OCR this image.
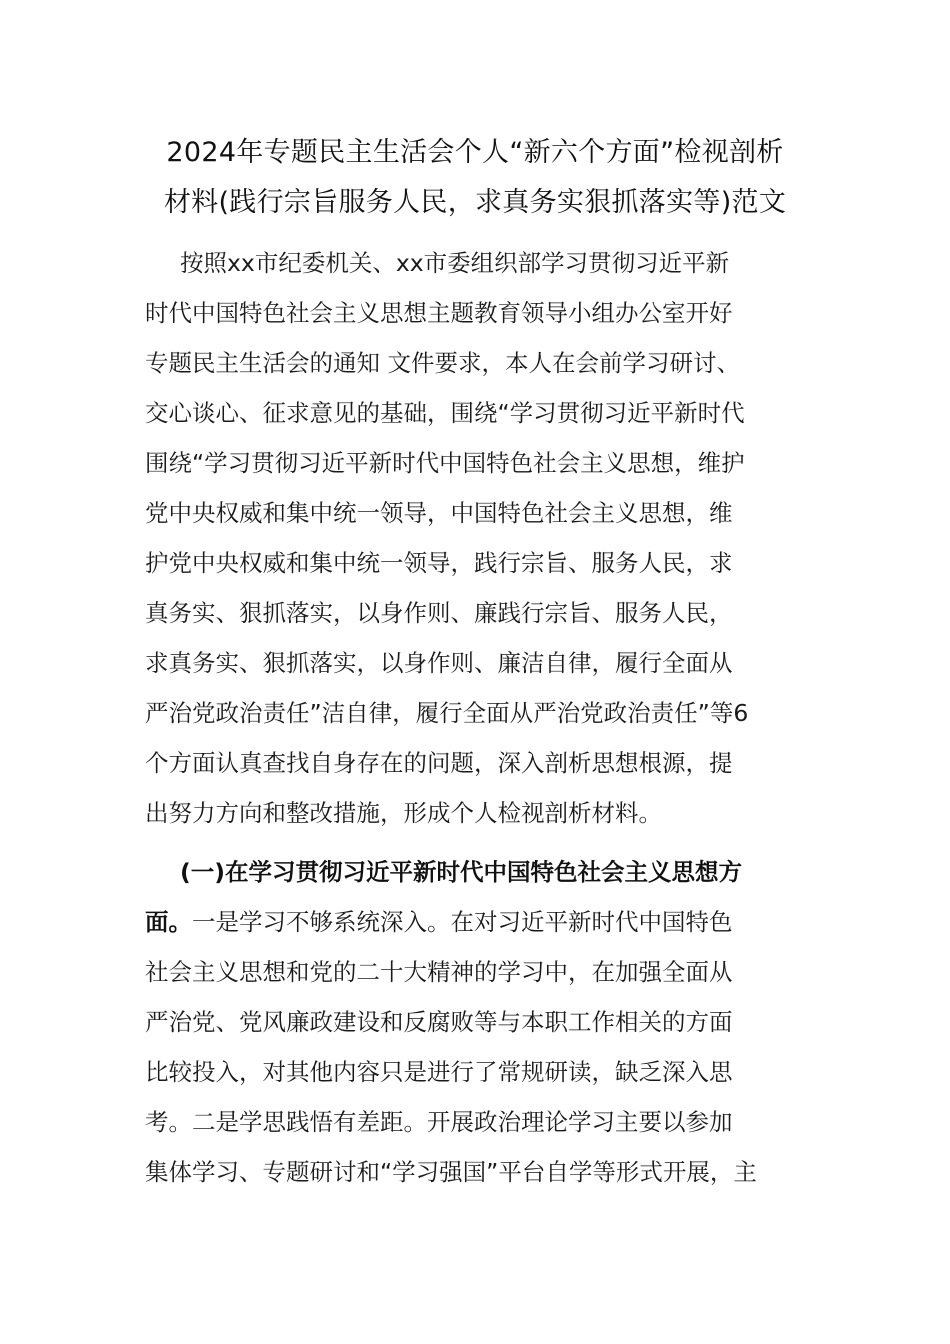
2024年专题民主生活会个人“新六个方面”检视剖析
材料(践行宗旨服务人民，求真务实狠抓落实等)范文
按照xx市纪委机关、xx市委组织部学习贯彻习近平新
时代中国特色社会主义思想主题教育领导小组办公室开好
专题民主生活会的通知 文件要求，本人在会前学习研讨、
交心谈心、征求意见的基础，围绕“学习贯彻习近平新时代
围绕“学习贯彻习近平新时代中国特色社会主义思想，维护
党中央权威和集中统一领导，中国特色社会主义思想，维
护党中央权威和集中统一领导，践行宗旨、服务人民，求
真务实、狠抓落实，以身作则、廉践行宗旨、服务人民，
求真务实、狠抓落实，以身作则、廉洁自律，履行全面从
严治党政治责任”洁自律，履行全面从严治党政治责任”等6
个方面认真查找自身存在的问题，深入剖析思想根源，提
出努力方向和整改措施，形成个人检视剖析材料。
(一)在学习贯彻习近平新时代中国特色社会主义思想方
面。一是学习不够系统深入。在对习近平新时代中国特色
社会主义思想和党的二十大精神的学习中，在加强全面从
严治党、党风廉政建设和反腐败等与本职工作相关的方面
比较投入，对其他内容只是进行了常规研读，缺乏深入思
考。二是学思践悟有差距。开展政治理论学习主要以参加
集体学习、专题研讨和“学习强国”平台自学等形式开展，主
